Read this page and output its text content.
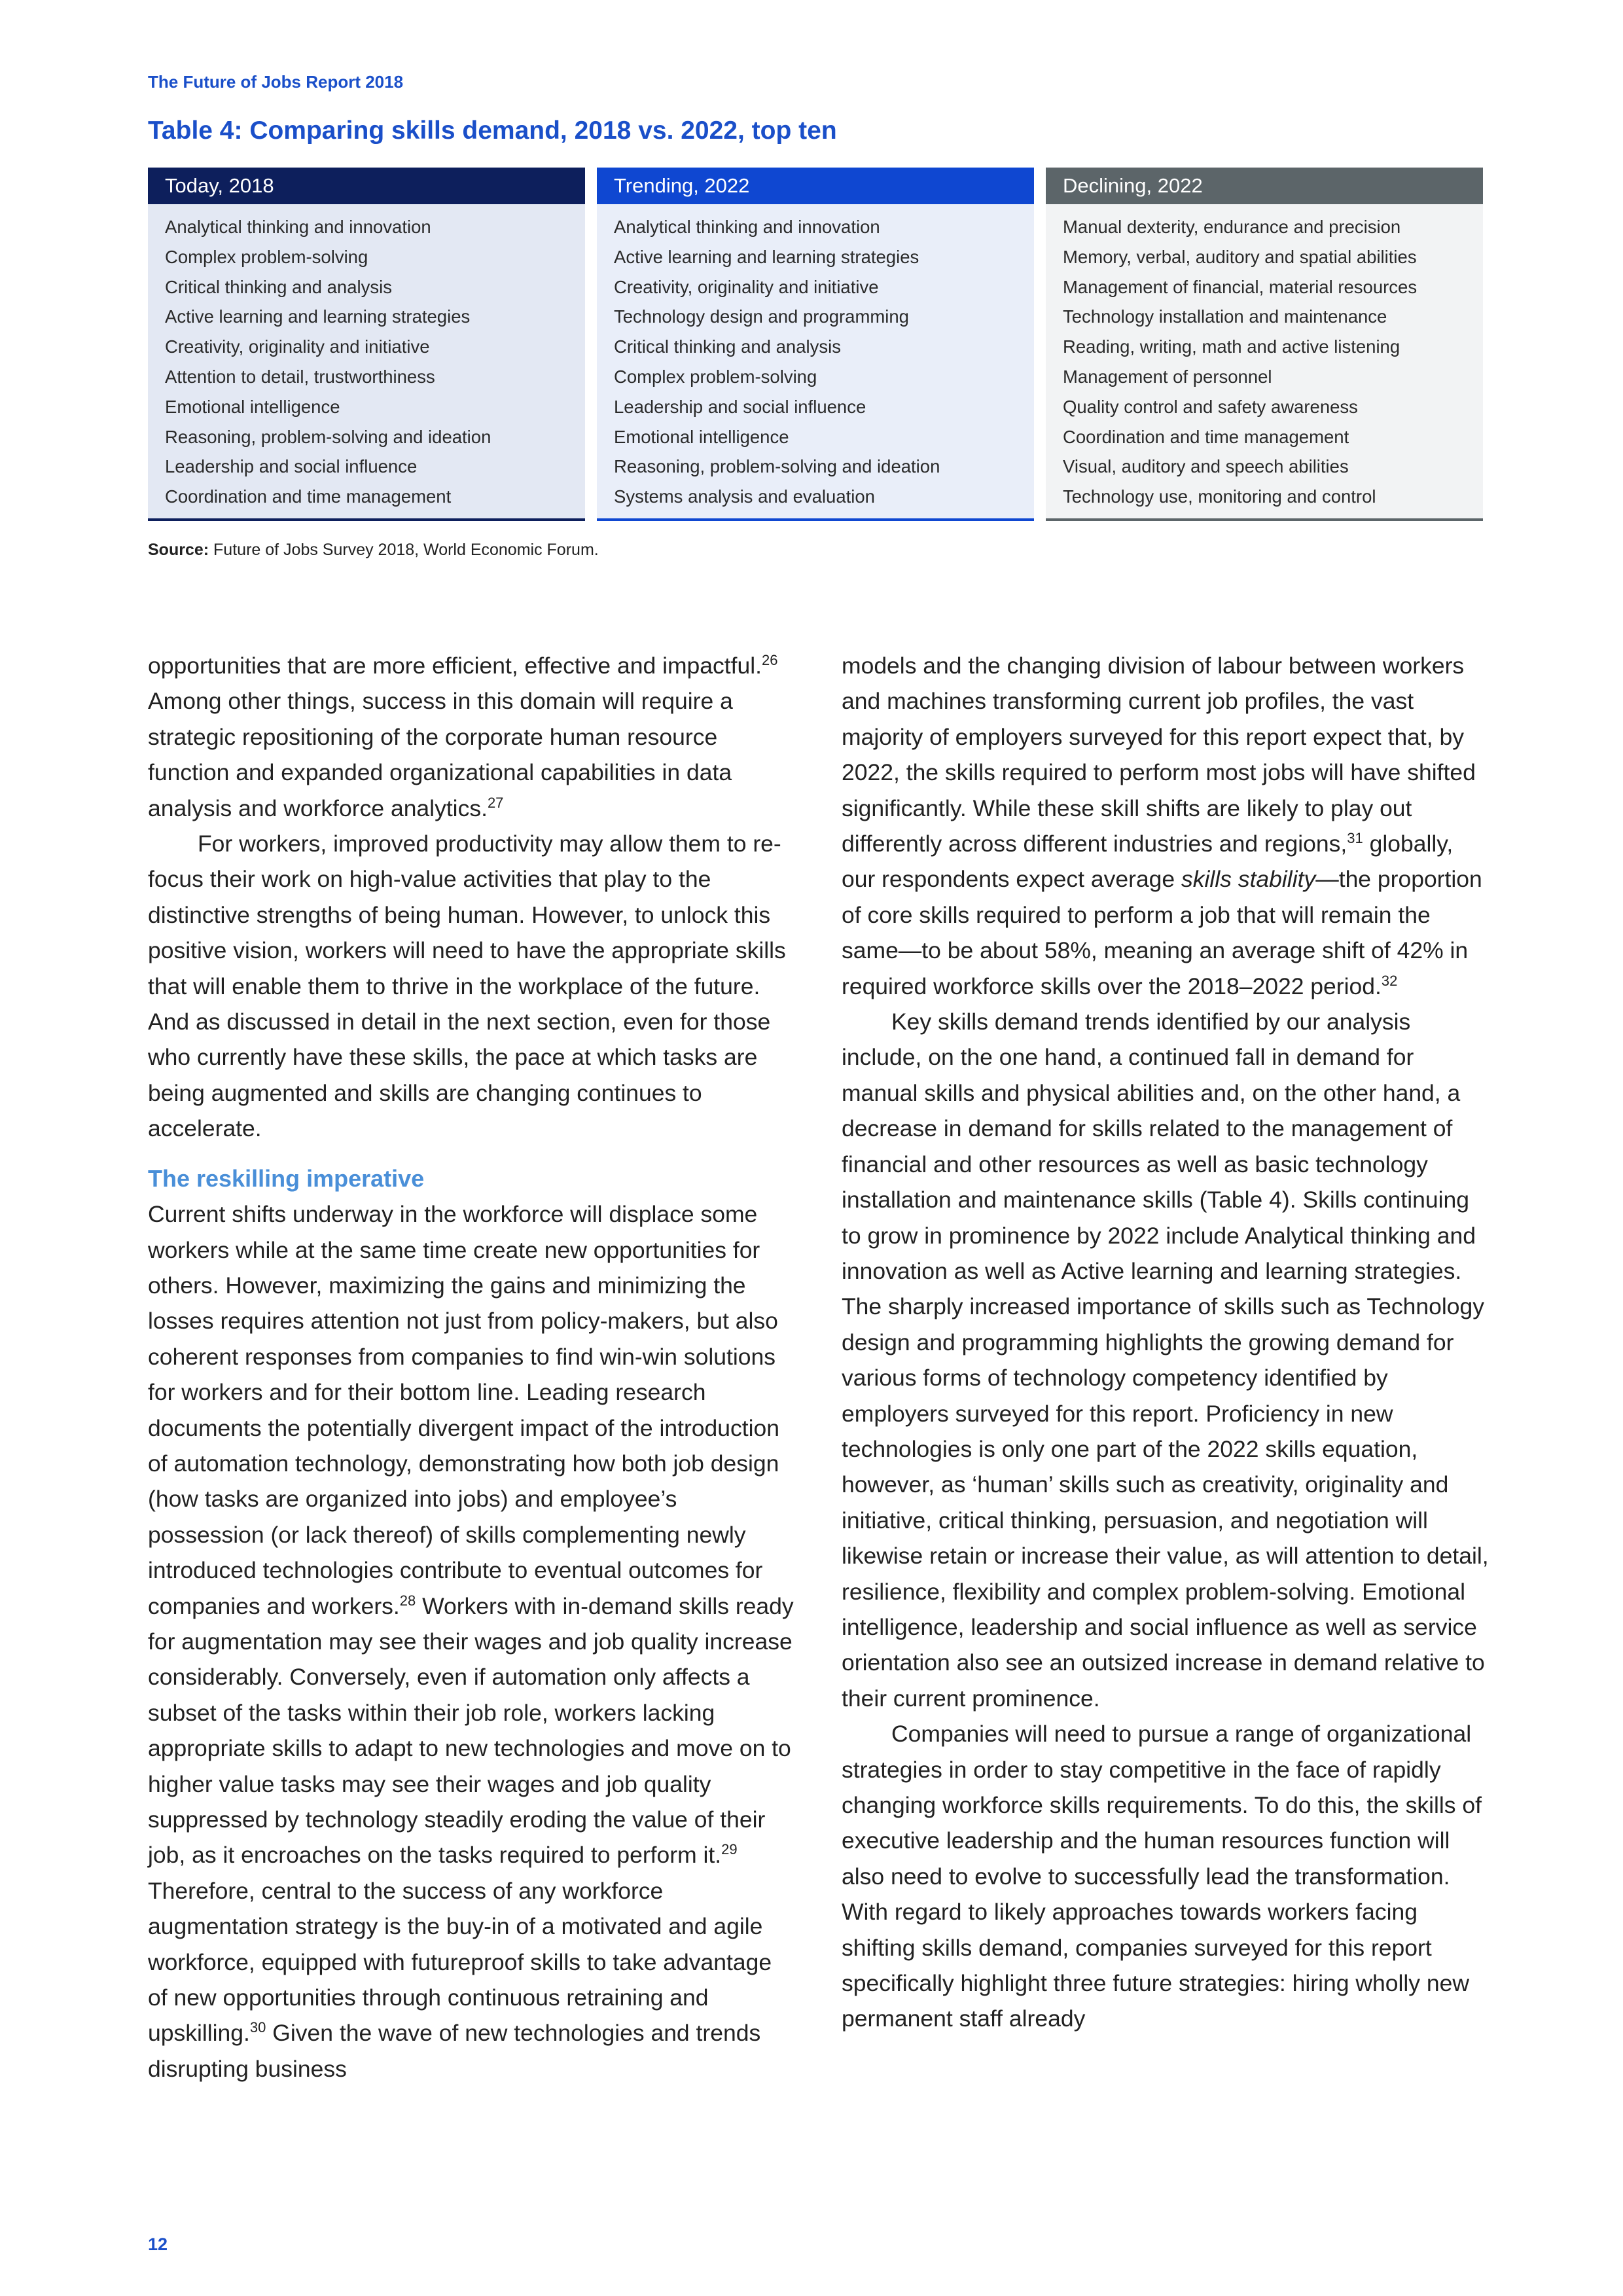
The Future of Jobs Report 2018
Table 4: Comparing skills demand, 2018 vs. 2022, top ten
Today, 2018
Analytical thinking and innovation
Complex problem-solving
Critical thinking and analysis
Active learning and learning strategies
Creativity, originality and initiative
Attention to detail, trustworthiness
Emotional intelligence
Reasoning, problem-solving and ideation
Leadership and social influence
Coordination and time management
Trending, 2022
Analytical thinking and innovation
Active learning and learning strategies
Creativity, originality and initiative
Technology design and programming
Critical thinking and analysis
Complex problem-solving
Leadership and social influence
Emotional intelligence
Reasoning, problem-solving and ideation
Systems analysis and evaluation
Declining, 2022
Manual dexterity, endurance and precision
Memory, verbal, auditory and spatial abilities
Management of financial, material resources
Technology installation and maintenance
Reading, writing, math and active listening
Management of personnel
Quality control and safety awareness
Coordination and time management
Visual, auditory and speech abilities
Technology use, monitoring and control
Source: Future of Jobs Survey 2018, World Economic Forum.

opportunities that are more efficient, effective and impactful.$^{26}$ Among other things, success in this domain will require a strategic repositioning of the corporate human resource function and expanded organizational capabilities in data analysis and workforce analytics.$^{27}$

For workers, improved productivity may allow them to re-focus their work on high-value activities that play to the distinctive strengths of being human. However, to unlock this positive vision, workers will need to have the appropriate skills that will enable them to thrive in the workplace of the future. And as discussed in detail in the next section, even for those who currently have these skills, the pace at which tasks are being augmented and skills are changing continues to accelerate.

The reskilling imperative

Current shifts underway in the workforce will displace some workers while at the same time create new opportunities for others. However, maximizing the gains and minimizing the losses requires attention not just from policy-makers, but also coherent responses from companies to find win-win solutions for workers and for their bottom line. Leading research documents the potentially divergent impact of the introduction of automation technology, demonstrating how both job design (how tasks are organized into jobs) and employee’s possession (or lack thereof) of skills complementing newly introduced technologies contribute to eventual outcomes for companies and workers.$^{28}$ Workers with in-demand skills ready for augmentation may see their wages and job quality increase considerably. Conversely, even if automation only affects a subset of the tasks within their job role, workers lacking appropriate skills to adapt to new technologies and move on to higher value tasks may see their wages and job quality suppressed by technology steadily eroding the value of their job, as it encroaches on the tasks required to perform it.$^{29}$ Therefore, central to the success of any workforce augmentation strategy is the buy-in of a motivated and agile workforce, equipped with futureproof skills to take advantage of new opportunities through continuous retraining and upskilling.$^{30}$ Given the wave of new technologies and trends disrupting business

models and the changing division of labour between workers and machines transforming current job profiles, the vast majority of employers surveyed for this report expect that, by 2022, the skills required to perform most jobs will have shifted significantly. While these skill shifts are likely to play out differently across different industries and regions,$^{31}$ globally, our respondents expect average skills stability—the proportion of core skills required to perform a job that will remain the same—to be about 58%, meaning an average shift of 42% in required workforce skills over the 2018–2022 period.$^{32}$

Key skills demand trends identified by our analysis include, on the one hand, a continued fall in demand for manual skills and physical abilities and, on the other hand, a decrease in demand for skills related to the management of financial and other resources as well as basic technology installation and maintenance skills (Table 4). Skills continuing to grow in prominence by 2022 include Analytical thinking and innovation as well as Active learning and learning strategies. The sharply increased importance of skills such as Technology design and programming highlights the growing demand for various forms of technology competency identified by employers surveyed for this report. Proficiency in new technologies is only one part of the 2022 skills equation, however, as ‘human’ skills such as creativity, originality and initiative, critical thinking, persuasion, and negotiation will likewise retain or increase their value, as will attention to detail, resilience, flexibility and complex problem-solving. Emotional intelligence, leadership and social influence as well as service orientation also see an outsized increase in demand relative to their current prominence.

Companies will need to pursue a range of organizational strategies in order to stay competitive in the face of rapidly changing workforce skills requirements. To do this, the skills of executive leadership and the human resources function will also need to evolve to successfully lead the transformation. With regard to likely approaches towards workers facing shifting skills demand, companies surveyed for this report specifically highlight three future strategies: hiring wholly new permanent staff already

12
